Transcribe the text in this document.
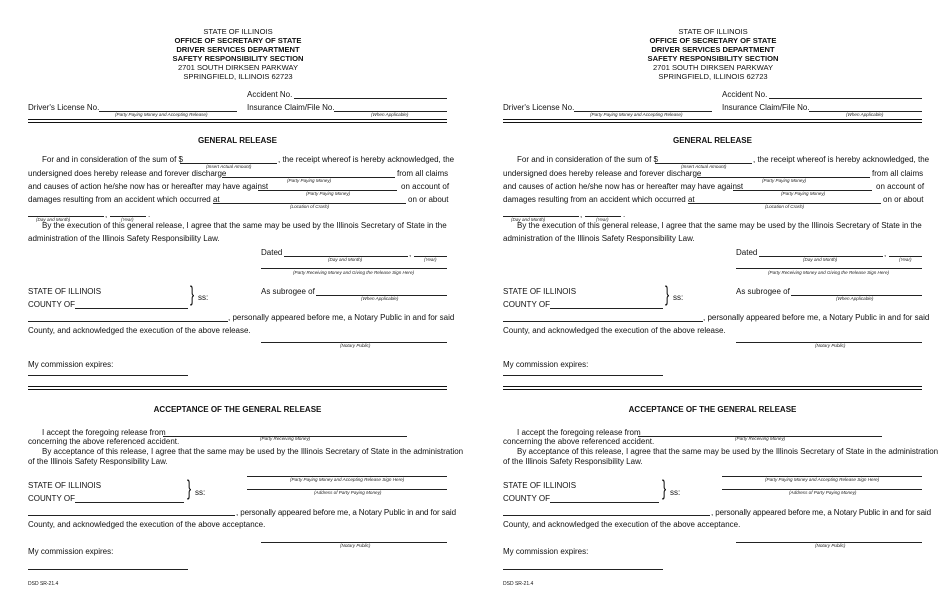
STATE OF ILLINOIS
OFFICE OF SECRETARY OF STATE
DRIVER SERVICES DEPARTMENT
SAFETY RESPONSIBILITY SECTION
2701 SOUTH DIRKSEN PARKWAY
SPRINGFIELD, ILLINOIS 62723
Accident No.
Driver's License No.
(Party Paying Money and Accepting Release)
Insurance Claim/File No.
(When Applicable)
GENERAL RELEASE
For and in consideration of the sum of $
(Insert Actual Amount)
, the receipt whereof is hereby acknowledged, the
undersigned does hereby release and forever discharge
(Party Paying Money)
from all claims
and causes of action he/she now has or hereafter may have against
(Party Paying Money)
on account of
damages resulting from an accident which occurred at
(Location of Crash)
on or about
,	.
(Day and Month)	(Year)
By the execution of this general release, I agree that the same may be used by the Illinois Secretary of State in the
administration of the Illinois Safety Responsibility Law.
Dated	,
(Day and Month)	(Year)
(Party Receiving Money and Giving the Release Sign Here)
STATE OF ILLINOIS
COUNTY OF	} ss:
As subrogee of
(When Applicable)
, personally appeared before me, a Notary Public in and for said
County, and acknowledged the execution of the above release.
(Notary Public)
My commission expires:
ACCEPTANCE OF THE GENERAL RELEASE
I accept the foregoing release from
(Party Receiving Money)
concerning the above referenced accident.
By acceptance of this release, I agree that the same may be used by the Illinois Secretary of State in the administration
of the Illinois Safety Responsibility Law.
(Party Paying Money and Accepting Release Sign Here)
(Address of Party Paying Money)
STATE OF ILLINOIS
COUNTY OF	} ss:
, personally appeared before me, a Notary Public in and for said
County, and acknowledged the execution of the above acceptance.
(Notary Public)
My commission expires:
DSD SR-21.4
STATE OF ILLINOIS
OFFICE OF SECRETARY OF STATE
DRIVER SERVICES DEPARTMENT
SAFETY RESPONSIBILITY SECTION
2701 SOUTH DIRKSEN PARKWAY
SPRINGFIELD, ILLINOIS 62723
Accident No.
Driver's License No.
(Party Paying Money and Accepting Release)
Insurance Claim/File No.
(When Applicable)
GENERAL RELEASE
For and in consideration of the sum of $
(Insert Actual Amount)
, the receipt whereof is hereby acknowledged, the
undersigned does hereby release and forever discharge
(Party Paying Money)
from all claims
and causes of action he/she now has or hereafter may have against
(Party Paying Money)
on account of
damages resulting from an accident which occurred at
(Location of Crash)
on or about
,	.
(Day and Month)	(Year)
By the execution of this general release, I agree that the same may be used by the Illinois Secretary of State in the
administration of the Illinois Safety Responsibility Law.
Dated	,
(Day and Month)	(Year)
(Party Receiving Money and Giving the Release Sign Here)
STATE OF ILLINOIS
COUNTY OF	} ss:
As subrogee of
(When Applicable)
, personally appeared before me, a Notary Public in and for said
County, and acknowledged the execution of the above release.
(Notary Public)
My commission expires:
ACCEPTANCE OF THE GENERAL RELEASE
I accept the foregoing release from
(Party Receiving Money)
concerning the above referenced accident.
By acceptance of this release, I agree that the same may be used by the Illinois Secretary of State in the administration
of the Illinois Safety Responsibility Law.
(Party Paying Money and Accepting Release Sign Here)
(Address of Party Paying Money)
STATE OF ILLINOIS
COUNTY OF	} ss:
, personally appeared before me, a Notary Public in and for said
County, and acknowledged the execution of the above acceptance.
(Notary Public)
My commission expires:
DSD SR-21.4
